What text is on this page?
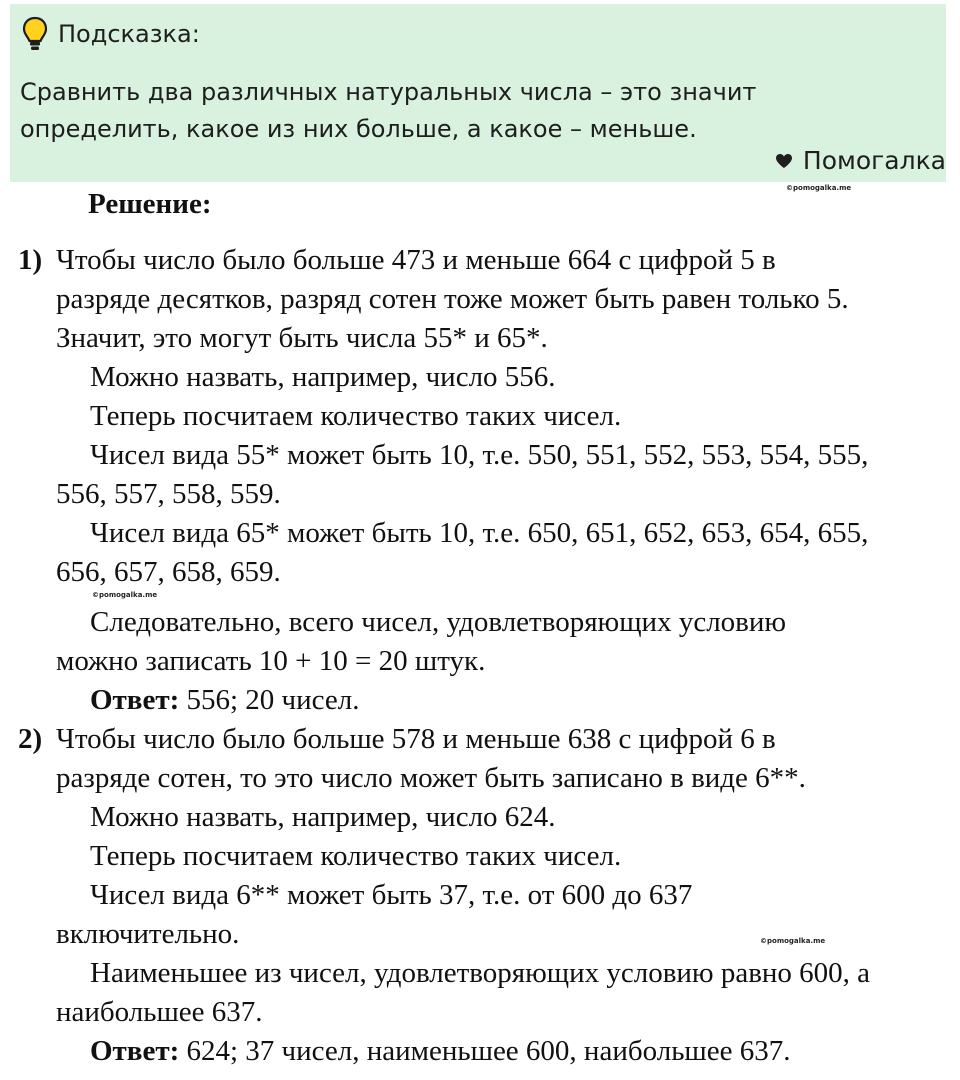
Подсказка:
Сравнить два различных натуральных числа – это значит
определить, какое из них больше, а какое – меньше.
Помогалка
©pomogalka.me
Решение:
1) Чтобы число было больше 473 и меньше 664 с цифрой 5 в
разряде десятков, разряд сотен тоже может быть равен только 5.
Значит, это могут быть числа 55* и 65*.
Можно назвать, например, число 556.
Теперь посчитаем количество таких чисел.
Чисел вида 55* может быть 10, т.е. 550, 551, 552, 553, 554, 555,
556, 557, 558, 559.
Чисел вида 65* может быть 10, т.е. 650, 651, 652, 653, 654, 655,
656, 657, 658, 659.
Следовательно, всего чисел, удовлетворяющих условию
можно записать 10 + 10 = 20 штук.
Ответ: 556; 20 чисел.
2) Чтобы число было больше 578 и меньше 638 с цифрой 6 в
разряде сотен, то это число может быть записано в виде 6**.
Можно назвать, например, число 624.
Теперь посчитаем количество таких чисел.
Чисел вида 6** может быть 37, т.е. от 600 до 637
включительно.
Наименьшее из чисел, удовлетворяющих условию равно 600, а
наибольшее 637.
Ответ: 624; 37 чисел, наименьшее 600, наибольшее 637.
©pomogalka.me
©pomogalka.me
